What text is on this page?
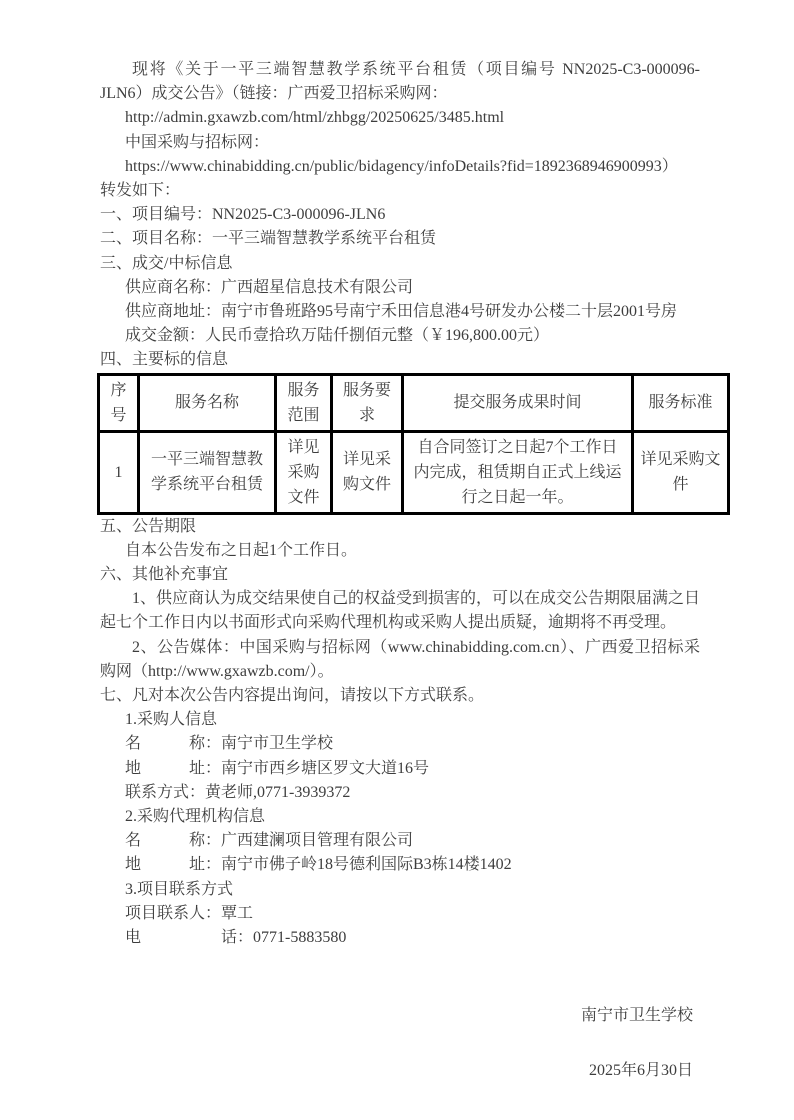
现将《关于一平三端智慧教学系统平台租赁（项目编号 NN2025-C3-000096-JLN6）成交公告》（链接：广西爱卫招标采购网：

http://admin.gxawzb.com/html/zhbgg/20250625/3485.html

中国采购与招标网：

https://www.chinabidding.cn/public/bidagency/infoDetails?fid=1892368946900993）

转发如下：

一、项目编号：NN2025-C3-000096-JLN6

二、项目名称：一平三端智慧教学系统平台租赁

三、成交/中标信息

供应商名称：广西超星信息技术有限公司

供应商地址：南宁市鲁班路95号南宁禾田信息港4号研发办公楼二十层2001号房

成交金额：人民币壹拾玖万陆仟捌佰元整（￥196,800.00元）

四、主要标的信息

序号	服务名称	服务范围	服务要求	提交服务成果时间	服务标准
1	一平三端智慧教学系统平台租赁	详见采购文件	详见采购文件	自合同签订之日起7个工作日内完成，租赁期自正式上线运行之日起一年。	详见采购文件

五、公告期限

自本公告发布之日起1个工作日。

六、其他补充事宜

1、供应商认为成交结果使自己的权益受到损害的，可以在成交公告期限届满之日起七个工作日内以书面形式向采购代理机构或采购人提出质疑，逾期将不再受理。

2、公告媒体：中国采购与招标网（www.chinabidding.com.cn）、广西爱卫招标采购网（http://www.gxawzb.com/）。

七、凡对本次公告内容提出询问，请按以下方式联系。

1.采购人信息

名　　　称：南宁市卫生学校

地　　　址：南宁市西乡塘区罗文大道16号

联系方式：黄老师,0771-3939372

2.采购代理机构信息

名　　　称：广西建澜项目管理有限公司

地　　　址：南宁市佛子岭18号德利国际B3栋14楼1402

3.项目联系方式

项目联系人：覃工

电　　　　　话：0771-5883580

南宁市卫生学校

2025年6月30日
